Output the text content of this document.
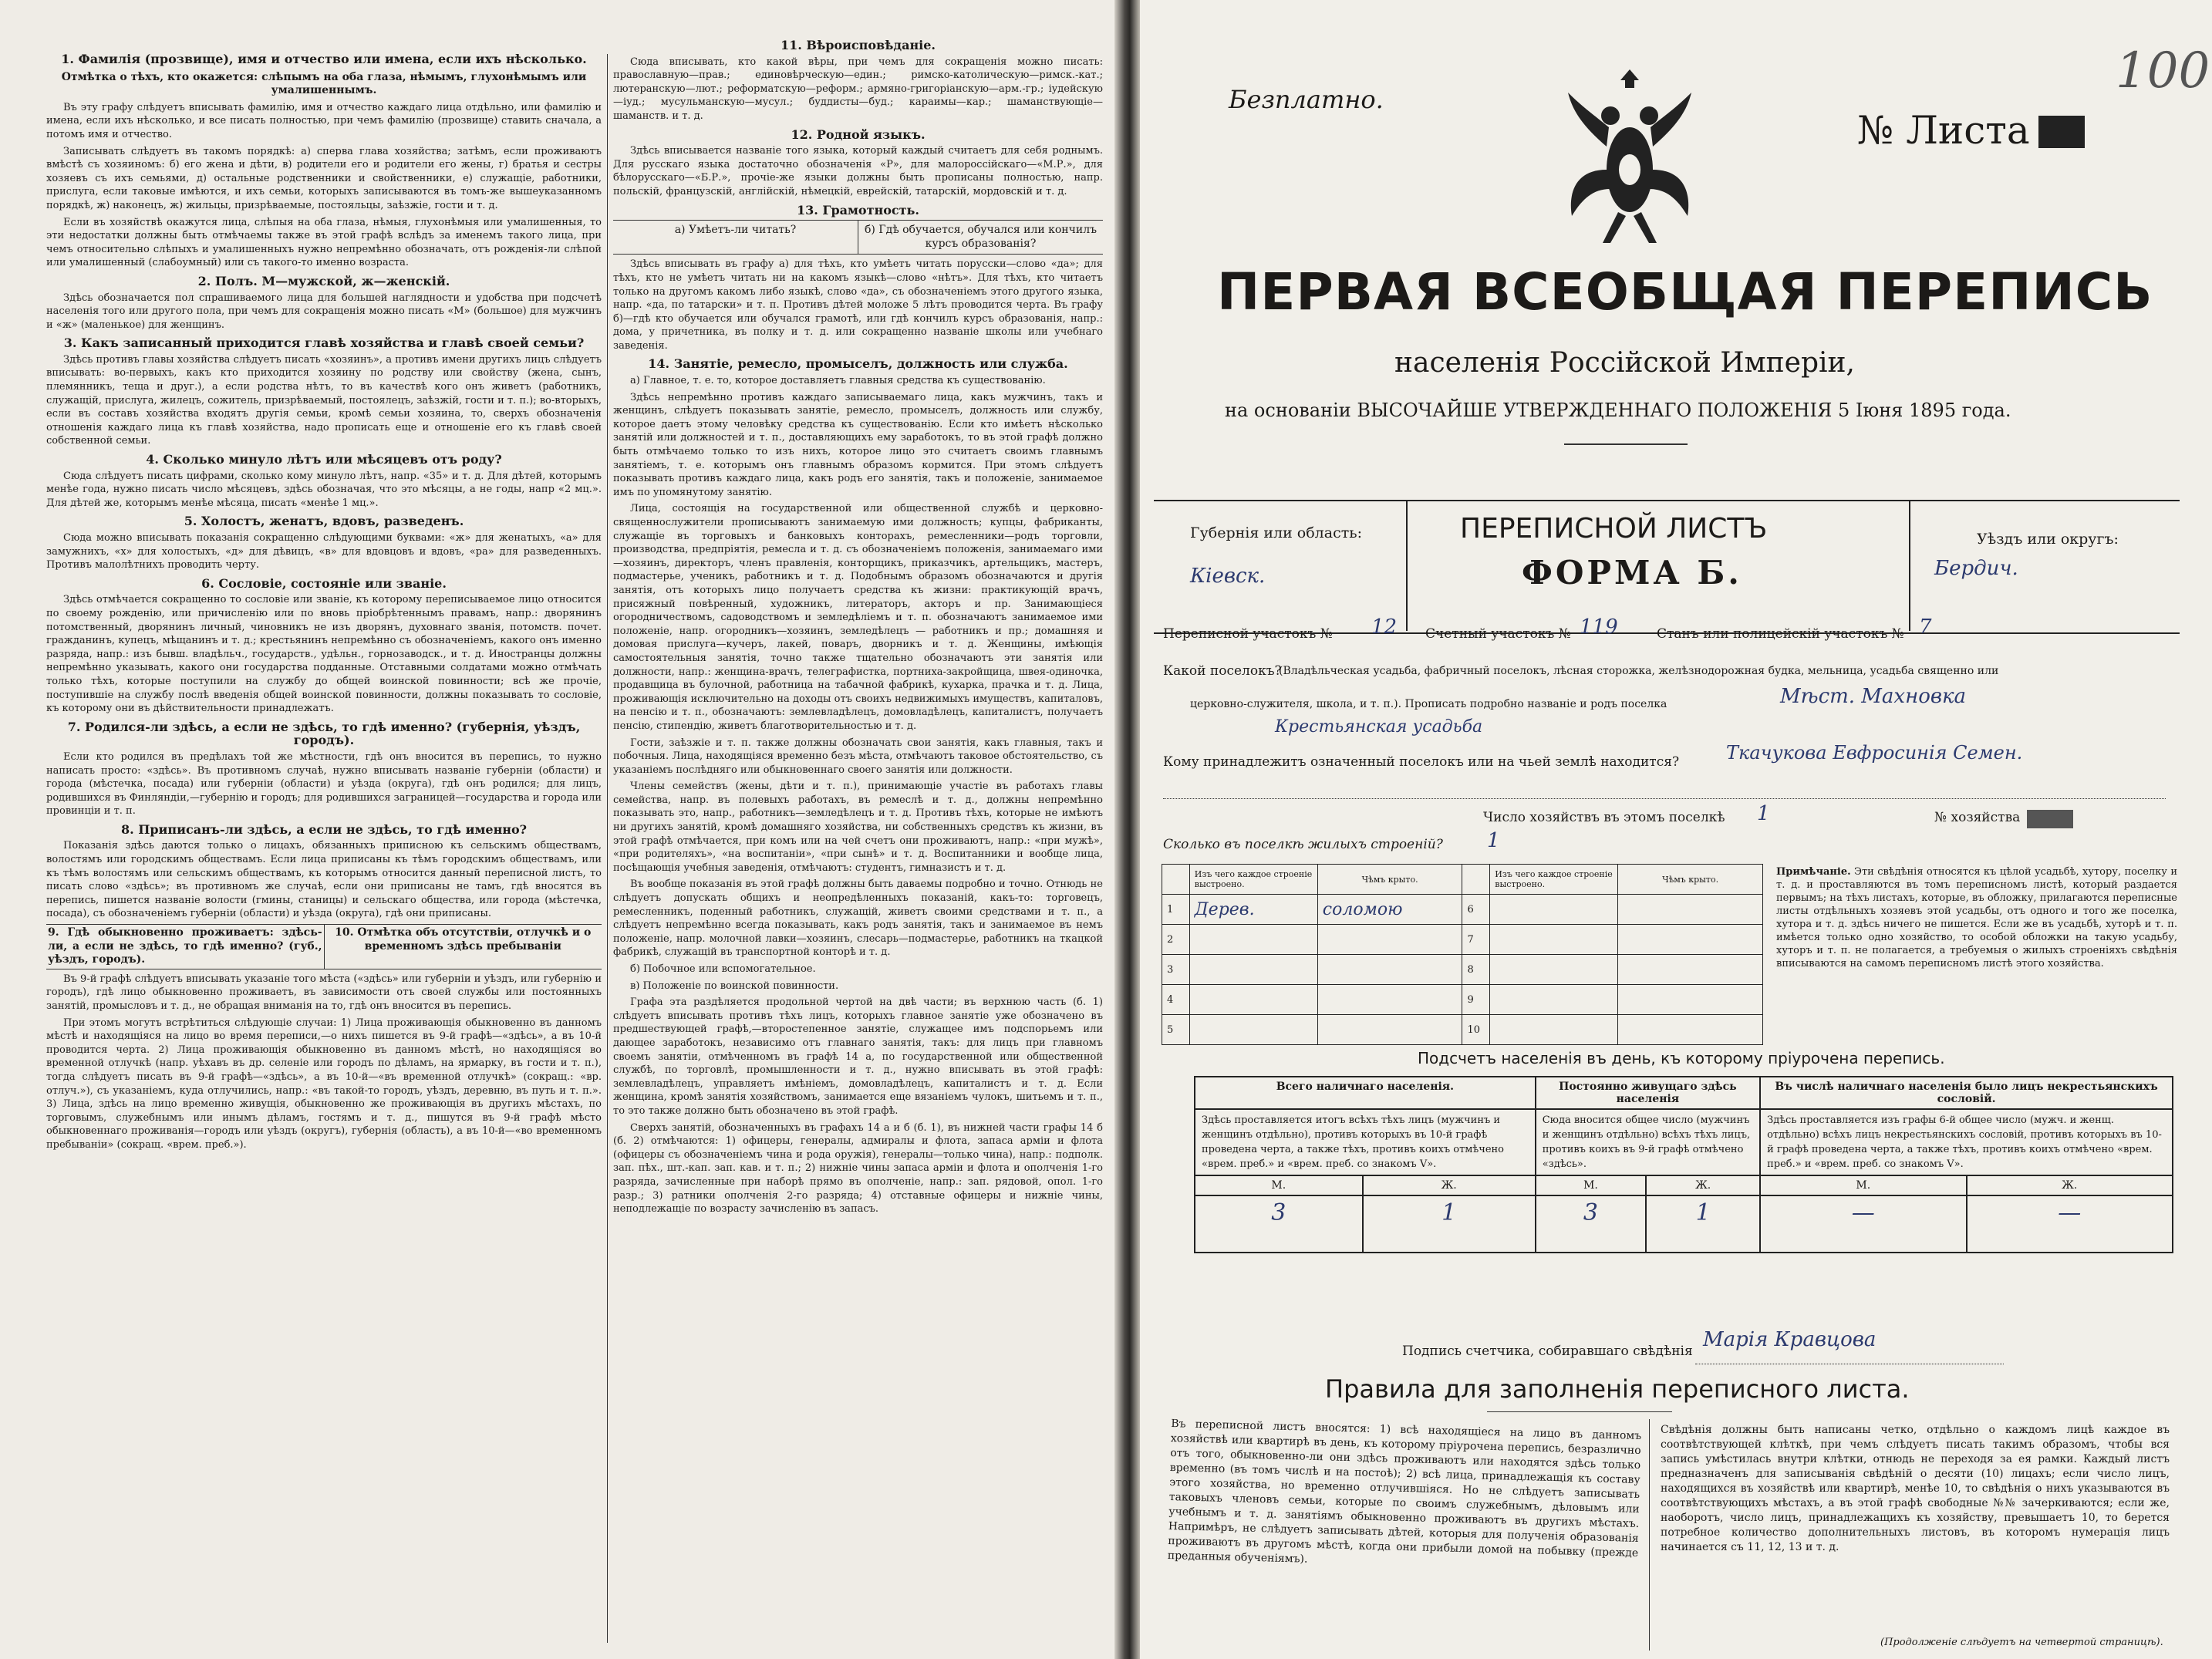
1. Фамилія (прозвище), имя и отчество или имена, если ихъ нѣсколько.
Отмѣтка о тѣхъ, кто окажется: слѣпымъ на оба глаза, нѣмымъ, глухонѣмымъ или умалишеннымъ.

Въ эту графу слѣдуетъ вписывать фамилію, имя и отчество каждаго лица отдѣльно, или фамилію и имена, если ихъ нѣсколько, и все писать полностью, при чемъ фамилію (прозвище) ставить сначала, а потомъ имя и отчество.

Записывать слѣдуетъ въ такомъ порядкѣ: а) сперва глава хозяйства; затѣмъ, если проживаютъ вмѣстѣ съ хозяиномъ: б) его жена и дѣти, в) родители его и родители его жены, г) братья и сестры хозяевъ съ ихъ семьями, д) остальные родственники и свойственники, е) служащіе, работники, прислуга, если таковые имѣются, и ихъ семьи, которыхъ записываются въ томъ-же вышеуказанномъ порядкѣ, ж) наконецъ, ж) жильцы, призрѣваемые, постояльцы, заѣзжіе, гости и т. д.

Если въ хозяйствѣ окажутся лица, слѣпыя на оба глаза, нѣмыя, глухонѣмыя или умалишенныя, то эти недостатки должны быть отмѣчаемы также въ этой графѣ вслѣдъ за именемъ такого лица, при чемъ относительно слѣпыхъ и умалишенныхъ нужно непремѣнно обозначать, отъ рожденія-ли слѣпой или умалишенный (слабоумный) или съ такого-то именно возраста.

2. Полъ. М—мужской, ж—женскій.

Здѣсь обозначается пол спрашиваемого лица для большей наглядности и удобства при подсчетѣ населенія того или другого пола, при чемъ для сокращенія можно писать «М» (большое) для мужчинъ и «ж» (маленькое) для женщинъ.

3. Какъ записанный приходится главѣ хозяйства и главѣ своей семьи?

Здѣсь противъ главы хозяйства слѣдуетъ писать «хозяинъ», а противъ имени другихъ лицъ слѣдуетъ вписывать: во-первыхъ, какъ кто приходится хозяину по родству или свойству (жена, сынъ, племянникъ, теща и друг.), а если родства нѣтъ, то въ качествѣ кого онъ живетъ (работникъ, служащій, прислуга, жилецъ, сожитель, призрѣваемый, постоялецъ, заѣзжій, гости и т. п.); во-вторыхъ, если въ составъ хозяйства входятъ другія семьи, кромѣ семьи хозяина, то, сверхъ обозначенія отношенія каждаго лица къ главѣ хозяйства, надо прописать еще и отношеніе его къ главѣ своей собственной семьи.

4. Сколько минуло лѣтъ или мѣсяцевъ отъ роду?

Сюда слѣдуетъ писать цифрами, сколько кому минуло лѣтъ, напр. «35» и т. д. Для дѣтей, которымъ менѣе года, нужно писать число мѣсяцевъ, здѣсь обозначая, что это мѣсяцы, а не годы, напр «2 мц.». Для дѣтей же, которымъ менѣе мѣсяца, писать «менѣе 1 мц.».

5. Холостъ, женатъ, вдовъ, разведенъ.

Сюда можно вписывать показанія сокращенно слѣдующими буквами: «ж» для женатыхъ, «а» для замужнихъ, «х» для холостыхъ, «д» для дѣвицъ, «в» для вдовцовъ и вдовъ, «ра» для разведенныхъ. Противъ малолѣтнихъ проводить черту.

6. Сословіе, состояніе или званіе.

Здѣсь отмѣчается сокращенно то сословіе или званіе, къ которому переписываемое лицо относится по своему рожденію, или причисленію или по вновь пріобрѣтеннымъ правамъ, напр.: дворянинъ потомственный, дворянинъ личный, чиновникъ не изъ дворянъ, духовнаго званія, потомств. почет. гражданинъ, купецъ, мѣщанинъ и т. д.; крестьянинъ непремѣнно съ обозначеніемъ, какого онъ именно разряда, напр.: изъ бывш. владѣльч., государств., удѣльн., горнозаводск., и т. д. Иностранцы должны непремѣнно указывать, какого они государства подданные. Отставными солдатами можно отмѣчать только тѣхъ, которые поступили на службу до общей воинской повинности; всѣ же прочіе, поступившіе на службу послѣ введенія общей воинской повинности, должны показывать то сословіе, къ которому они въ дѣйствительности принадлежатъ.

7. Родился-ли здѣсь, а если не здѣсь, то гдѣ именно? (губернія, уѣздъ, городъ).

Если кто родился въ предѣлахъ той же мѣстности, гдѣ онъ вносится въ перепись, то нужно написать просто: «здѣсь». Въ противномъ случаѣ, нужно вписывать названіе губерніи (области) и города (мѣстечка, посада) или губерніи (области) и уѣзда (округа), гдѣ онъ родился; для лицъ, родившихся въ Финляндіи,—губернію и городъ; для родившихся заграницей—государства и города или провинціи и т. п.

8. Приписанъ-ли здѣсь, а если не здѣсь, то гдѣ именно?

Показанія здѣсь даются только о лицахъ, обязанныхъ приписною къ сельскимъ обществамъ, волостямъ или городскимъ обществамъ. Если лица приписаны къ тѣмъ городскимъ обществамъ, или къ тѣмъ волостямъ или сельскимъ обществамъ, къ которымъ относится данный переписной листъ, то писать слово «здѣсь»; въ противномъ же случаѣ, если они приписаны не тамъ, гдѣ вносятся въ перепись, пишется названіе волости (гмины, станицы) и сельскаго общества, или города (мѣстечка, посада), съ обозначеніемъ губерніи (области) и уѣзда (округа), гдѣ они приписаны.

9. Гдѣ обыкновенно проживаетъ: здѣсь-ли, а если не здѣсь, то гдѣ именно? (губ., уѣздъ, городъ).
10. Отмѣтка объ отсутствіи, отлучкѣ и о временномъ здѣсь пребываніи

Въ 9-й графѣ слѣдуетъ вписывать указаніе того мѣста («здѣсь» или губерніи и уѣздъ, или губернію и городъ), гдѣ лицо обыкновенно проживаетъ, въ зависимости отъ своей службы или постоянныхъ занятій, промысловъ и т. д., не обращая вниманія на то, гдѣ онъ вносится въ перепись.

При этомъ могутъ встрѣтиться слѣдующіе случаи: 1) Лица проживающія обыкновенно въ данномъ мѣстѣ и находящіяся на лицо во время переписи,—о нихъ пишется въ 9-й графѣ—«здѣсь», а въ 10-й проводится черта. 2) Лица проживающія обыкновенно въ данномъ мѣстѣ, но находящіяся во временной отлучкѣ (напр. уѣхавъ въ др. селеніе или городъ по дѣламъ, на ярмарку, въ гости и т. п.), тогда слѣдуетъ писать въ 9-й графѣ—«здѣсь», а въ 10-й—«въ временной отлучкѣ» (сокращ.: «вр. отлуч.»), съ указаніемъ, куда отлучились, напр.: «въ такой-то городъ, уѣздъ, деревню, въ путь и т. п.». 3) Лица, здѣсь на лицо временно живущія, обыкновенно же проживающія въ другихъ мѣстахъ, по торговымъ, служебнымъ или инымъ дѣламъ, гостямъ и т. д., пишутся въ 9-й графѣ мѣсто обыкновеннаго проживанія—городъ или уѣздъ (округъ), губернія (область), а въ 10-й—«во временномъ пребываніи» (сокращ. «врем. преб.»).

11. Вѣроисповѣданіе.

Сюда вписывать, кто какой вѣры, при чемъ для сокращенія можно писать: православную—прав.; единовѣрческую—един.; римско-католическую—римск.-кат.; лютеранскую—лют.; реформатскую—реформ.; армяно-григоріанскую—арм.-гр.; іудейскую—іуд.; мусульманскую—мусул.; буддисты—буд.; караимы—кар.; шаманствующіе—шаманств. и т. д.

12. Родной языкъ.

Здѣсь вписывается названіе того языка, который каждый считаетъ для себя роднымъ. Для русскаго языка достаточно обозначенія «Р», для малороссійскаго—«М.Р.», для бѣлорусскаго—«Б.Р.», прочіе-же языки должны быть прописаны полностью, напр. польскій, французскій, англійскій, нѣмецкій, еврейскій, татарскій, мордовскій и т. д.

13. Грамотность.
а) Умѣетъ-ли читать?	б) Гдѣ обучается, обучался или кончилъ курсъ образованія?

Здѣсь вписывать въ графу а) для тѣхъ, кто умѣетъ читать порусски—слово «да»; для тѣхъ, кто не умѣетъ читать ни на какомъ языкѣ—слово «нѣтъ». Для тѣхъ, кто читаетъ только на другомъ какомъ либо языкѣ, слово «да», съ обозначеніемъ этого другого языка, напр. «да, по татарски» и т. п. Противъ дѣтей моложе 5 лѣтъ проводится черта. Въ графу б)—гдѣ кто обучается или обучался грамотѣ, или гдѣ кончилъ курсъ образованія, напр.: дома, у причетника, въ полку и т. д. или сокращенно названіе школы или учебнаго заведенія.

14. Занятіе, ремесло, промыселъ, должность или служба.

а) Главное, т. е. то, которое доставляетъ главныя средства къ существованію.

Здѣсь непремѣнно противъ каждаго записываемаго лица, какъ мужчинъ, такъ и женщинъ, слѣдуетъ показывать занятіе, ремесло, промыселъ, должность или службу, которое даетъ этому человѣку средства къ существованію. Если кто имѣетъ нѣсколько занятій или должностей и т. п., доставляющихъ ему заработокъ, то въ этой графѣ должно быть отмѣчаемо только то изъ нихъ, которое лицо это считаетъ своимъ главнымъ занятіемъ, т. е. которымъ онъ главнымъ образомъ кормится. При этомъ слѣдуетъ показывать противъ каждаго лица, какъ родъ его занятія, такъ и положеніе, занимаемое имъ по упомянутому занятію.

Лица, состоящія на государственной или общественной службѣ и церковно-священнослужители прописываютъ занимаемую ими должность; купцы, фабриканты, служащіе въ торговыхъ и банковыхъ конторахъ, ремесленники—родъ торговли, производства, предпріятія, ремесла и т. д. съ обозначеніемъ положенія, занимаемаго ими—хозяинъ, директоръ, членъ правленія, конторщикъ, приказчикъ, артельщикъ, мастеръ, подмастерье, ученикъ, работникъ и т. д. Подобнымъ образомъ обозначаются и другія занятія, отъ которыхъ лицо получаетъ средства къ жизни: практикующій врачъ, присяжный повѣренный, художникъ, литераторъ, акторъ и пр. Занимающіеся огородничествомъ, садоводствомъ и земледѣліемъ и т. п. обозначаютъ занимаемое ими положеніе, напр. огородникъ—хозяинъ, земледѣлецъ — работникъ и пр.; домашняя и домовая прислуга—кучеръ, лакей, поваръ, дворникъ и т. д. Женщины, имѣющія самостоятельныя занятія, точно также тщательно обозначаютъ эти занятія или должности, напр.: женщина-врачъ, телеграфистка, портниха-закройщица, швея-одиночка, продавщица въ булочной, работница на табачной фабрикѣ, кухарка, прачка и т. д. Лица, проживающія исключительно на доходы отъ своихъ недвижимыхъ имуществъ, капиталовъ, на пенсію и т. п., обозначаютъ: землевладѣлецъ, домовладѣлецъ, капиталистъ, получаетъ пенсію, стипендію, живетъ благотворительностью и т. д.

Гости, заѣзжіе и т. п. также должны обозначать свои занятія, какъ главныя, такъ и побочныя. Лица, находящіяся временно безъ мѣста, отмѣчаютъ таковое обстоятельство, съ указаніемъ послѣдняго или обыкновеннаго своего занятія или должности.

Члены семействъ (жены, дѣти и т. п.), принимающіе участіе въ работахъ главы семейства, напр. въ полевыхъ работахъ, въ ремеслѣ и т. д., должны непремѣнно показывать это, напр., работникъ—земледѣлецъ и т. д. Противъ тѣхъ, которые не имѣютъ ни другихъ занятій, кромѣ домашняго хозяйства, ни собственныхъ средствъ къ жизни, въ этой графѣ отмѣчается, при комъ или на чей счетъ они проживаютъ, напр.: «при мужѣ», «при родителяхъ», «на воспитаніи», «при сынѣ» и т. д. Воспитанники и вообще лица, посѣщающія учебныя заведенія, отмѣчаютъ: студентъ, гимназистъ и т. д.

Въ вообще показанія въ этой графѣ должны быть даваемы подробно и точно. Отнюдь не слѣдуетъ допускать общихъ и неопредѣленныхъ показаній, какъ-то: торговецъ, ремесленникъ, поденный работникъ, служащій, живетъ своими средствами и т. п., а слѣдуетъ непремѣнно всегда показывать, какъ родъ занятія, такъ и занимаемое въ немъ положеніе, напр. молочной лавки—хозяинъ, слесарь—подмастерье, работникъ на ткацкой фабрикѣ, служащій въ транспортной конторѣ и т. д.

б) Побочное или вспомогательное.

в) Положеніе по воинской повинности.

Графа эта раздѣляется продольной чертой на двѣ части; въ верхнюю часть (б. 1) слѣдуетъ вписывать противъ тѣхъ лицъ, которыхъ главное занятіе уже обозначено въ предшествующей графѣ,—второстепенное занятіе, служащее имъ подспорьемъ или дающее заработокъ, независимо отъ главнаго занятія, такъ: для лицъ при главномъ своемъ занятіи, отмѣченномъ въ графѣ 14 а, по государственной или общественной службѣ, по торговлѣ, промышленности и т. д., нужно вписывать въ этой графѣ: землевладѣлецъ, управляетъ имѣніемъ, домовладѣлецъ, капиталистъ и т. д. Если женщина, кромѣ занятія хозяйствомъ, занимается еще вязаніемъ чулокъ, шитьемъ и т. п., то это также должно быть обозначено въ этой графѣ.

Сверхъ занятій, обозначенныхъ въ графахъ 14 а и б (б. 1), въ нижней части графы 14 б (б. 2) отмѣчаются: 1) офицеры, генералы, адмиралы и флота, запаса арміи и флота (офицеры съ обозначеніемъ чина и рода оружія), генералы—только чина), напр.: подполк. зап. пѣх., шт.-кап. зап. кав. и т. п.; 2) нижніе чины запаса арміи и флота и ополченія 1-го разряда, зачисленные при наборѣ прямо въ ополченіе, напр.: зап. рядовой, опол. 1-го разр.; 3) ратники ополченія 2-го разряда; 4) отставные офицеры и нижніе чины, неподлежащіе по возрасту зачисленію въ запасъ.

Безплатно.
№ Листа
100
ПЕРВАЯ ВСЕОБЩАЯ ПЕРЕПИСЬ
населенія Россійской Имперіи,
на основаніи ВЫСОЧАЙШЕ УТВЕРЖДЕННАГО ПОЛОЖЕНІЯ 5 Іюня 1895 года.
Губернія или область:
Кіевск.
ПЕРЕПИСНОЙ ЛИСТЪ
ФОРМА Б.
Уѣздъ или округъ:
Бердич.
Переписной участокъ № 12 Счетный участокъ № 119	Станъ или полицейскій участокъ № 7
Какой поселокъ?
(Владѣльческая усадьба, фабричный поселокъ, лѣсная сторожка, желѣзнодорожная будка, мельница, усадьба священно или
церковно-служителя, школа, и т. п.). Прописать подробно названіе и родъ поселка	Мѣст. Махновка
Крестьянская усадьба
Кому принадлежитъ означенный поселокъ или на чьей землѣ находится?	Ткачукова Евфросинія Семен.
Число хозяйствъ въ этомъ поселкѣ 1	№ хозяйства
Сколько въ поселкѣ жилыхъ строеній? 1
	Изъ чего каждое строеніе выстроено.	Чѣмъ крыто.		Изъ чего каждое строеніе выстроено.	Чѣмъ крыто.
1	Дерев.	соломою	6		
2			7		
3			8		
4			9		
5			10		
Примѣчаніе. Эти свѣдѣнія относятся къ цѣлой усадьбѣ, хутору, поселку и т. д. и проставляются въ томъ переписномъ листѣ, который раздается первымъ; на тѣхъ листахъ, которые, въ обложку, прилагаются переписные листы отдѣльныхъ хозяевъ этой усадьбы, отъ одного и того же поселка, хутора и т. д. здѣсь ничего не пишется. Если же въ усадьбѣ, хуторѣ и т. п. имѣется только одно хозяйство, то особой обложки на такую усадьбу, хуторъ и т. п. не полагается, а требуемыя о жилыхъ строеніяхъ свѣдѣнія вписываются на самомъ переписномъ листѣ этого хозяйства.
Подсчетъ населенія въ день, къ которому пріурочена перепись.
Всего наличнаго населенія.		Постоянно живущаго здѣсь населенія		Въ числѣ наличнаго населенія было лицъ некрестьянскихъ сословій.	
Здѣсь проставляется итогъ всѣхъ тѣхъ лицъ (мужчинъ и женщинъ отдѣльно), противъ которыхъ въ 10-й графѣ проведена черта, а также тѣхъ, противъ коихъ отмѣчено «врем. преб.» и «врем. преб. со знакомъ V».		Сюда вносится общее число (мужчинъ и женщинъ отдѣльно) всѣхъ тѣхъ лицъ, противъ коихъ въ 9-й графѣ отмѣчено «здѣсь».		Здѣсь проставляется изъ графы 6-й общее число (мужч. и женщ. отдѣльно) всѣхъ лицъ некрестьянскихъ сословій, противъ которыхъ въ 10-й графѣ проведена черта, а также тѣхъ, противъ коихъ отмѣчено «врем. преб.» и «врем. преб. со знакомъ V».	
М.	Ж.	М.	Ж.	М.	Ж.
3	1	3	1	—	—
Подпись счетчика, собиравшаго свѣдѣнія Марія Кравцова
Правила для заполненія переписного листа.
Въ переписной листъ вносятся: 1) всѣ находящіеся на лицо въ данномъ хозяйствѣ или квартирѣ въ день, къ которому пріурочена перепись, безразлично отъ того, обыкновенно-ли они здѣсь проживаютъ или находятся здѣсь только временно (въ томъ числѣ и на постоѣ); 2) всѣ лица, принадлежащія къ составу этого хозяйства, но временно отлучившіяся. Но не слѣдуетъ записывать таковыхъ членовъ семьи, которые по своимъ служебнымъ, дѣловымъ или учебнымъ и т. д. занятіямъ обыкновенно проживаютъ въ другихъ мѣстахъ. Напримѣръ, не слѣдуетъ записывать дѣтей, которыя для полученія образованія проживаютъ въ другомъ мѣстѣ, когда они прибыли домой на побывку (прежде преданныя обученіямъ).
Свѣдѣнія должны быть написаны четко, отдѣльно о каждомъ лицѣ каждое въ соотвѣтствующей клѣткѣ, при чемъ слѣдуетъ писать такимъ образомъ, чтобы вся запись умѣстилась внутри клѣтки, отнюдь не переходя за ея рамки. Каждый листъ предназначенъ для записыванія свѣдѣній о десяти (10) лицахъ; если число лицъ, находящихся въ хозяйствѣ или квартирѣ, менѣе 10, то свѣдѣнія о нихъ указываются въ соотвѣтствующихъ мѣстахъ, а въ этой графѣ свободные №№ зачеркиваются; если же, наоборотъ, число лицъ, принадлежащихъ къ хозяйству, превышаетъ 10, то берется потребное количество дополнительныхъ листовъ, въ которомъ нумерація лицъ начинается съ 11, 12, 13 и т. д.
(Продолженіе слѣдуетъ на четвертой страницѣ).
